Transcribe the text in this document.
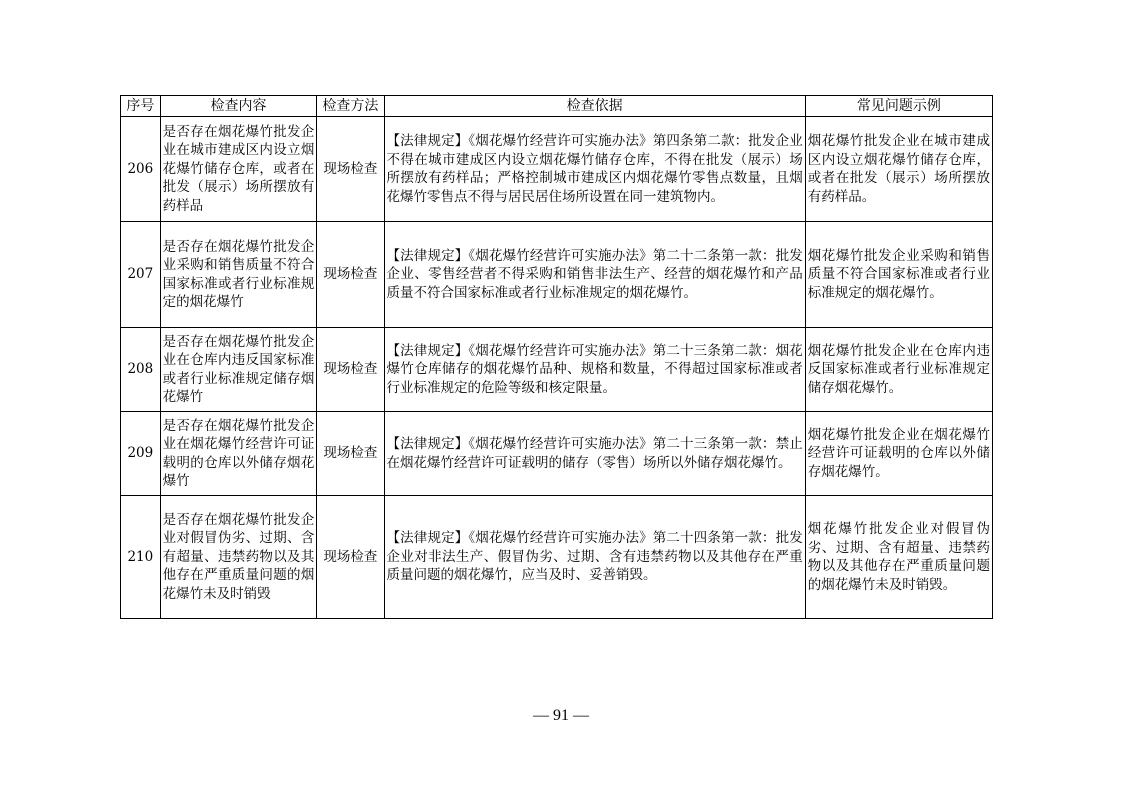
序号	检查内容	检查方法	检查依据	常见问题示例
206	是否存在烟花爆竹批发企业在城市建成区内设立烟花爆竹储存仓库，或者在批发（展示）场所摆放有药样品	现场检查	【法律规定】《烟花爆竹经营许可实施办法》第四条第二款：批发企业不得在城市建成区内设立烟花爆竹储存仓库，不得在批发（展示）场所摆放有药样品；严格控制城市建成区内烟花爆竹零售点数量，且烟花爆竹零售点不得与居民居住场所设置在同一建筑物内。	烟花爆竹批发企业在城市建成区内设立烟花爆竹储存仓库，或者在批发（展示）场所摆放有药样品。
207	是否存在烟花爆竹批发企业采购和销售质量不符合国家标准或者行业标准规定的烟花爆竹	现场检查	【法律规定】《烟花爆竹经营许可实施办法》第二十二条第一款：批发企业、零售经营者不得采购和销售非法生产、经营的烟花爆竹和产品质量不符合国家标准或者行业标准规定的烟花爆竹。	烟花爆竹批发企业采购和销售质量不符合国家标准或者行业标准规定的烟花爆竹。
208	是否存在烟花爆竹批发企业在仓库内违反国家标准或者行业标准规定储存烟花爆竹	现场检查	【法律规定】《烟花爆竹经营许可实施办法》第二十三条第二款：烟花爆竹仓库储存的烟花爆竹品种、规格和数量，不得超过国家标准或者行业标准规定的危险等级和核定限量。	烟花爆竹批发企业在仓库内违反国家标准或者行业标准规定储存烟花爆竹。
209	是否存在烟花爆竹批发企业在烟花爆竹经营许可证载明的仓库以外储存烟花爆竹	现场检查	【法律规定】《烟花爆竹经营许可实施办法》第二十三条第一款：禁止在烟花爆竹经营许可证载明的储存（零售）场所以外储存烟花爆竹。	烟花爆竹批发企业在烟花爆竹经营许可证载明的仓库以外储存烟花爆竹。
210	是否存在烟花爆竹批发企业对假冒伪劣、过期、含有超量、违禁药物以及其他存在严重质量问题的烟花爆竹未及时销毁	现场检查	【法律规定】《烟花爆竹经营许可实施办法》第二十四条第一款：批发企业对非法生产、假冒伪劣、过期、含有违禁药物以及其他存在严重质量问题的烟花爆竹，应当及时、妥善销毁。	烟花爆竹批发企业对假冒伪劣、过期、含有超量、违禁药物以及其他存在严重质量问题的烟花爆竹未及时销毁。
— 91 —
